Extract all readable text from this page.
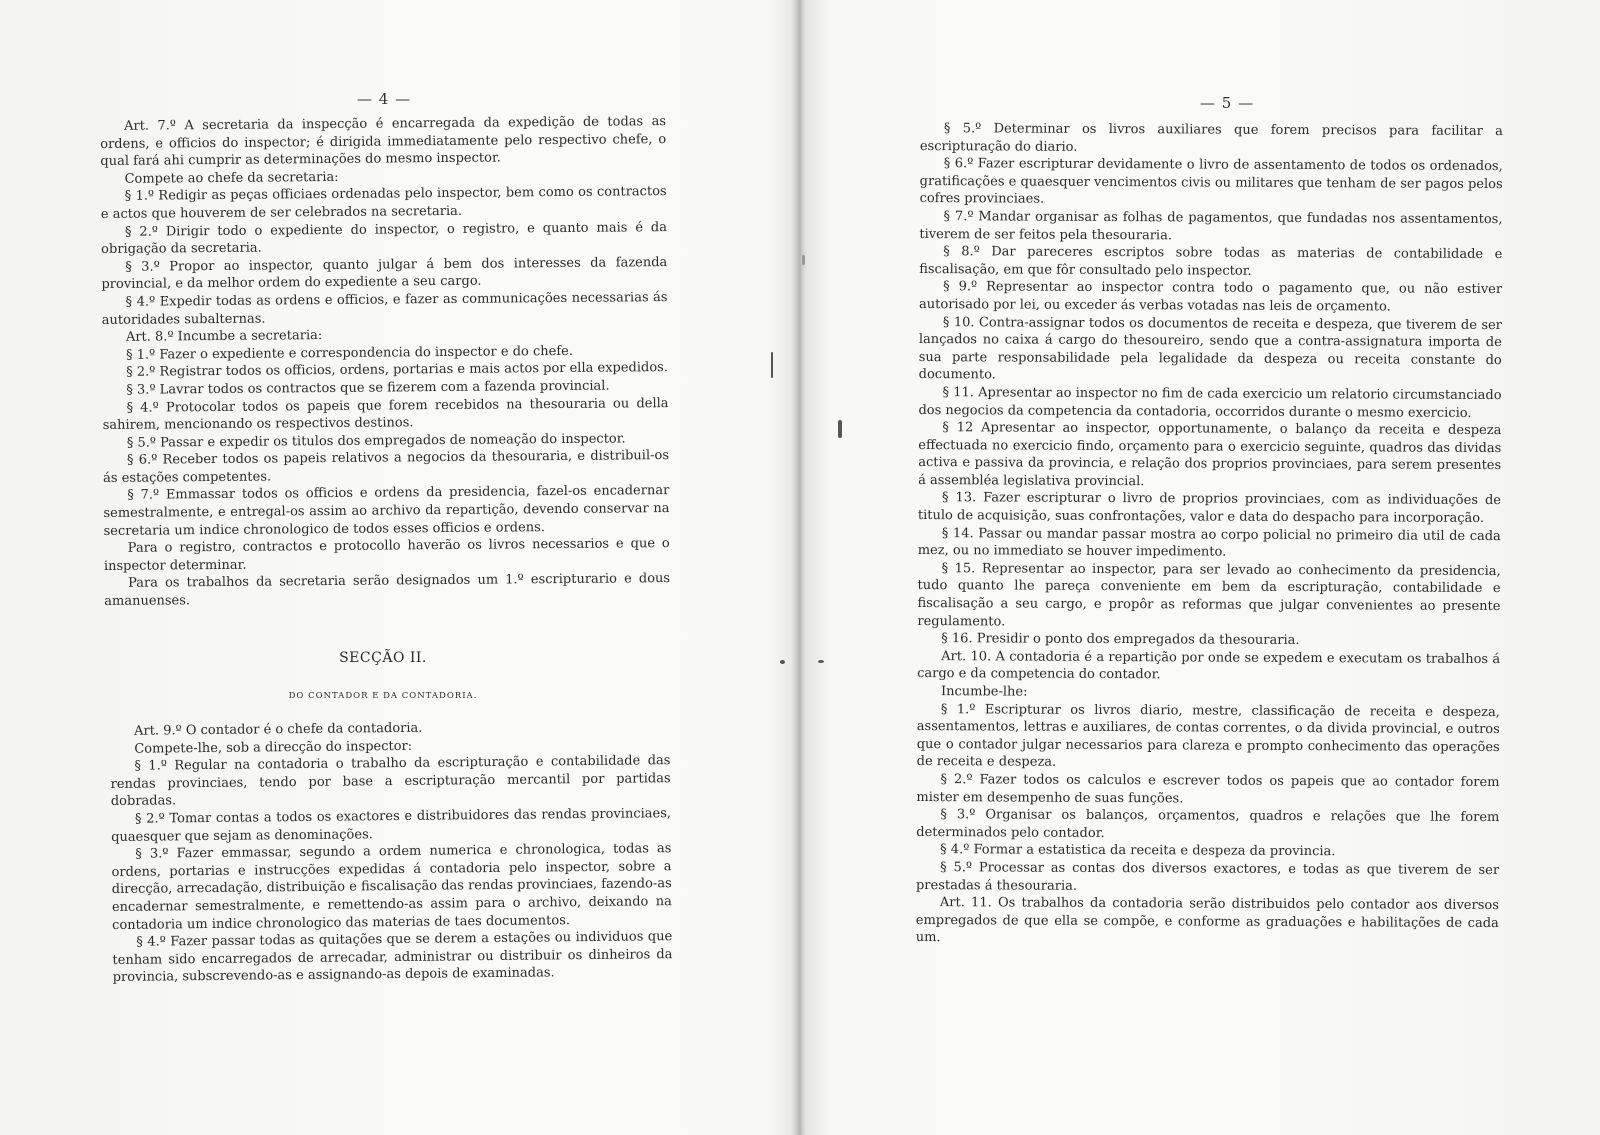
— 4 —

Art. 7.º A secretaria da inspecção é encarregada da expedição de todas as ordens, e officios do inspector; é dirigida immediatamente pelo respectivo chefe, o qual fará ahi cumprir as determinações do mesmo inspector.

Compete ao chefe da secretaria:

§ 1.º Redigir as peças officiaes ordenadas pelo inspector, bem como os contractos e actos que houverem de ser celebrados na secretaria.

§ 2.º Dirigir todo o expediente do inspector, o registro, e quanto mais é da obrigação da secretaria.

§ 3.º Propor ao inspector, quanto julgar á bem dos interesses da fazenda provincial, e da melhor ordem do expediente a seu cargo.

§ 4.º Expedir todas as ordens e officios, e fazer as communicações necessarias ás autoridades subalternas.

Art. 8.º Incumbe a secretaria:

§ 1.º Fazer o expediente e correspondencia do inspector e do chefe.

§ 2.º Registrar todos os officios, ordens, portarias e mais actos por ella expedidos.

§ 3.º Lavrar todos os contractos que se fizerem com a fazenda provincial.

§ 4.º Protocolar todos os papeis que forem recebidos na thesouraria ou della sahirem, mencionando os respectivos destinos.

§ 5.º Passar e expedir os titulos dos empregados de nomeação do inspector.

§ 6.º Receber todos os papeis relativos a negocios da thesouraria, e distribuil-os ás estações competentes.

§ 7.º Emmassar todos os officios e ordens da presidencia, fazel-os encadernar semestralmente, e entregal-os assim ao archivo da repartição, devendo conservar na secretaria um indice chronologico de todos esses officios e ordens.

Para o registro, contractos e protocollo haverão os livros necessarios e que o inspector determinar.

Para os trabalhos da secretaria serão designados um 1.º escripturario e dous amanuenses.

SECÇÃO II.
DO CONTADOR E DA CONTADORIA.

Art. 9.º O contador é o chefe da contadoria.

Compete-lhe, sob a direcção do inspector:

§ 1.º Regular na contadoria o trabalho da escripturação e contabilidade das rendas provinciaes, tendo por base a escripturação mercantil por partidas dobradas.

§ 2.º Tomar contas a todos os exactores e distribuidores das rendas provinciaes, quaesquer que sejam as denominações.

§ 3.º Fazer emmassar, segundo a ordem numerica e chronologica, todas as ordens, portarias e instrucções expedidas á contadoria pelo inspector, sobre a direcção, arrecadação, distribuição e fiscalisação das rendas provinciaes, fazendo-as encadernar semestralmente, e remettendo-as assim para o archivo, deixando na contadoria um indice chronologico das materias de taes documentos.

§ 4.º Fazer passar todas as quitações que se derem a estações ou individuos que tenham sido encarregados de arrecadar, administrar ou distribuir os dinheiros da provincia, subscrevendo-as e assignando-as depois de examinadas.

— 5 —

§ 5.º Determinar os livros auxiliares que forem precisos para facilitar a escripturação do diario.

§ 6.º Fazer escripturar devidamente o livro de assentamento de todos os ordenados, gratificações e quaesquer vencimentos civis ou militares que tenham de ser pagos pelos cofres provinciaes.

§ 7.º Mandar organisar as folhas de pagamentos, que fundadas nos assentamentos, tiverem de ser feitos pela thesouraria.

§ 8.º Dar pareceres escriptos sobre todas as materias de contabilidade e fiscalisação, em que fôr consultado pelo inspector.

§ 9.º Representar ao inspector contra todo o pagamento que, ou não estiver autorisado por lei, ou exceder ás verbas votadas nas leis de orçamento.

§ 10. Contra-assignar todos os documentos de receita e despeza, que tiverem de ser lançados no caixa á cargo do thesoureiro, sendo que a contra-assignatura importa de sua parte responsabilidade pela legalidade da despeza ou receita constante do documento.

§ 11. Apresentar ao inspector no fim de cada exercicio um relatorio circumstanciado dos negocios da competencia da contadoria, occorridos durante o mesmo exercicio.

§ 12 Apresentar ao inspector, opportunamente, o balanço da receita e despeza effectuada no exercicio findo, orçamento para o exercicio seguinte, quadros das dividas activa e passiva da provincia, e relação dos proprios provinciaes, para serem presentes á assembléa legislativa provincial.

§ 13. Fazer escripturar o livro de proprios provinciaes, com as individuações de titulo de acquisição, suas confrontações, valor e data do despacho para incorporação.

§ 14. Passar ou mandar passar mostra ao corpo policial no primeiro dia util de cada mez, ou no immediato se houver impedimento.

§ 15. Representar ao inspector, para ser levado ao conhecimento da presidencia, tudo quanto lhe pareça conveniente em bem da escripturação, contabilidade e fiscalisação a seu cargo, e propôr as reformas que julgar convenientes ao presente regulamento.

§ 16. Presidir o ponto dos empregados da thesouraria.

Art. 10. A contadoria é a repartição por onde se expedem e executam os trabalhos á cargo e da competencia do contador.

Incumbe-lhe:

§ 1.º Escripturar os livros diario, mestre, classificação de receita e despeza, assentamentos, lettras e auxiliares, de contas correntes, o da divida provincial, e outros que o contador julgar necessarios para clareza e prompto conhecimento das operações de receita e despeza.

§ 2.º Fazer todos os calculos e escrever todos os papeis que ao contador forem mister em desempenho de suas funções.

§ 3.º Organisar os balanços, orçamentos, quadros e relações que lhe forem determinados pelo contador.

§ 4.º Formar a estatistica da receita e despeza da provincia.

§ 5.º Processar as contas dos diversos exactores, e todas as que tiverem de ser prestadas á thesouraria.

Art. 11. Os trabalhos da contadoria serão distribuidos pelo contador aos diversos empregados de que ella se compõe, e conforme as graduações e habilitações de cada um.
